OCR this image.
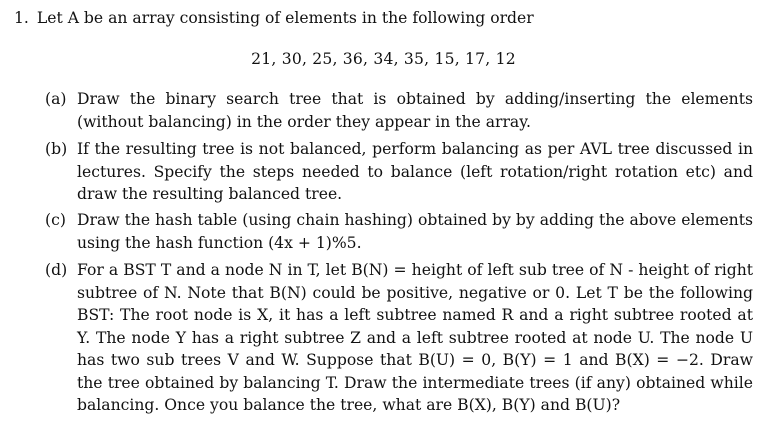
1. Let A be an array consisting of elements in the following order
21, 30, 25, 36, 34, 35, 15, 17, 12
(a) Draw the binary search tree that is obtained by adding/inserting the elements (without balancing) in the order they appear in the array.
(b) If the resulting tree is not balanced, perform balancing as per AVL tree discussed in lectures. Specify the steps needed to balance (left rotation/right rotation etc) and draw the resulting balanced tree.
(c) Draw the hash table (using chain hashing) obtained by by adding the above elements using the hash function (4x + 1)%5.
(d) For a BST T and a node N in T, let B(N) = height of left sub tree of N - height of right subtree of N. Note that B(N) could be positive, negative or 0. Let T be the following BST: The root node is X, it has a left subtree named R and a right subtree rooted at Y. The node Y has a right subtree Z and a left subtree rooted at node U. The node U has two sub trees V and W. Suppose that B(U) = 0, B(Y) = 1 and B(X) = −2. Draw the tree obtained by balancing T. Draw the intermediate trees (if any) obtained while balancing. Once you balance the tree, what are B(X), B(Y) and B(U)?
